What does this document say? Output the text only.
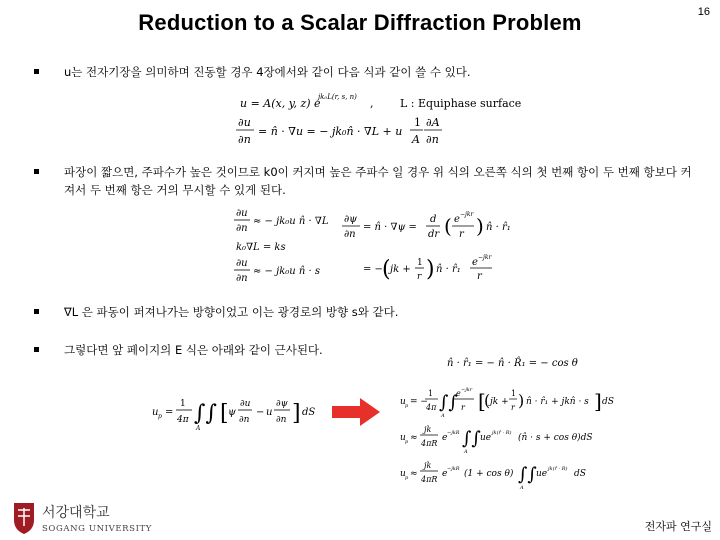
Reduction to a Scalar Diffraction Problem	16
u는 전자기장을 의미하며 진동할 경우 4장에서와 같이 다음 식과 같이 쓸 수 있다.
u = A(x, y, z) e
jk₀L(r, s, n) , L : Equiphase surface
∂u
∂n
= n̂ · ∇u = − jk₀n̂ · ∇L + u
1
A
∂A
∂n
파장이 짧으면, 주파수가 높은 것이므로 k0이 커지며 높은 주파수 일 경우 위 식의 오른쪽 식의 첫 번째 항이 두 번째 항보다 커져서 두 번째 항은 거의 무시할 수 있게 된다.
∂u
∂n
≈ − jk₀u n̂ · ∇L
k₀∇L = ks
∂u
∂n
≈ − jk₀u n̂ · s
∂ψ
∂n
= n̂ · ∇ψ =
d
dr ( e −jkr
r ) n̂ · r̂₁
= − ( jk +
1
r ) n̂ · r̂₁
e −jkr
r
∇L 은 파동이 퍼져나가는 방향이었고 이는 광경로의 방향 s와 같다.
그렇다면 앞 페이지의 E 식은 아래와 같이 근사된다.
n̂ · r̂₁ = − n̂ · R̂₁ = − cos θ
u p =
1
4π ∫∫
A
[ ψ
∂u
∂n
− u
∂ψ
∂n ] dS
u p = −
1
4π ∫∫
A
e −jkr
r [
( jk +
1
r ) n̂ · r̂₁ + jkn̂ · s ] dS
u p ≈
jk
4πR
e −jkR ∫∫
A
ue jk(r̂ · R) (n̂ · s + cos θ)dS
u p ≈
jk
4πR
e −jkR (1 + cos θ) ∫∫
A
ue jk(r̂ · R) dS
서강대학교
SOGANG UNIVERSITY	전자파 연구실
